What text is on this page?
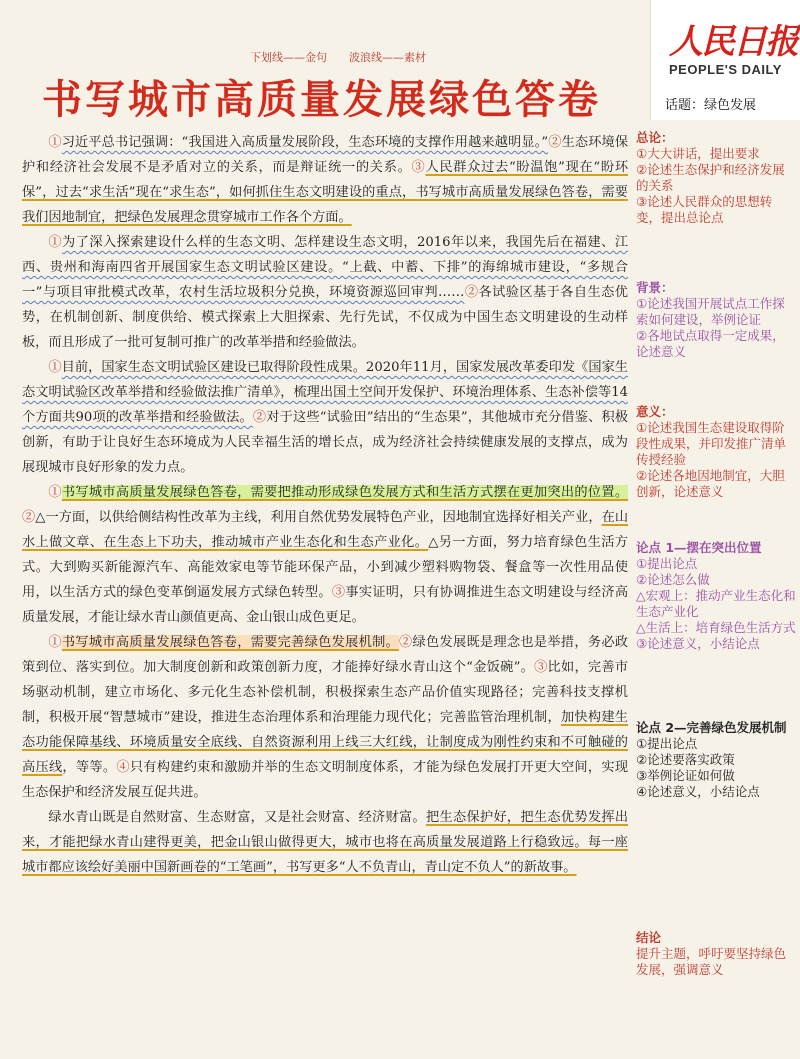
人民日报
PEOPLE'S DAILY
话题：绿色发展
下划线——金句 波浪线——素材
书写城市高质量发展绿色答卷

①习近平总书记强调：“我国进入高质量发展阶段，生态环境的支撑作用越来越明显。”②生态环境保护和经济社会发展不是矛盾对立的关系，而是辩证统一的关系。③人民群众过去“盼温饱”现在“盼环保”，过去“求生活”现在“求生态”，如何抓住生态文明建设的重点，书写城市高质量发展绿色答卷，需要我们因地制宜，把绿色发展理念贯穿城市工作各个方面。

①为了深入探索建设什么样的生态文明、怎样建设生态文明，2016年以来，我国先后在福建、江西、贵州和海南四省开展国家生态文明试验区建设。“上截、中蓄、下排”的海绵城市建设，“多规合一”与项目审批模式改革，农村生活垃圾积分兑换，环境资源巡回审判……②各试验区基于各自生态优势，在机制创新、制度供给、模式探索上大胆探索、先行先试，不仅成为中国生态文明建设的生动样板，而且形成了一批可复制可推广的改革举措和经验做法。

①目前，国家生态文明试验区建设已取得阶段性成果。2020年11月，国家发展改革委印发《国家生态文明试验区改革举措和经验做法推广清单》，梳理出国土空间开发保护、环境治理体系、生态补偿等14个方面共90项的改革举措和经验做法。②对于这些“试验田”结出的“生态果”，其他城市充分借鉴、积极创新，有助于让良好生态环境成为人民幸福生活的增长点，成为经济社会持续健康发展的支撑点，成为展现城市良好形象的发力点。

①书写城市高质量发展绿色答卷，需要把推动形成绿色发展方式和生活方式摆在更加突出的位置。②△一方面，以供给侧结构性改革为主线，利用自然优势发展特色产业，因地制宜选择好相关产业，在山水上做文章、在生态上下功夫，推动城市产业生态化和生态产业化。△另一方面，努力培育绿色生活方式。大到购买新能源汽车、高能效家电等节能环保产品，小到减少塑料购物袋、餐盒等一次性用品使用，以生活方式的绿色变革倒逼发展方式绿色转型。③事实证明，只有协调推进生态文明建设与经济高质量发展，才能让绿水青山颜值更高、金山银山成色更足。

①书写城市高质量发展绿色答卷，需要完善绿色发展机制。②绿色发展既是理念也是举措，务必政策到位、落实到位。加大制度创新和政策创新力度，才能捧好绿水青山这个“金饭碗”。③比如，完善市场驱动机制，建立市场化、多元化生态补偿机制，积极探索生态产品价值实现路径；完善科技支撑机制，积极开展“智慧城市”建设，推进生态治理体系和治理能力现代化；完善监管治理机制，加快构建生态功能保障基线、环境质量安全底线、自然资源利用上线三大红线，让制度成为刚性约束和不可触碰的高压线，等等。④只有构建约束和激励并举的生态文明制度体系，才能为绿色发展打开更大空间，实现生态保护和经济发展互促共进。

绿水青山既是自然财富、生态财富，又是社会财富、经济财富。把生态保护好，把生态优势发挥出来，才能把绿水青山建得更美，把金山银山做得更大，城市也将在高质量发展道路上行稳致远。每一座城市都应该绘好美丽中国新画卷的“工笔画”，书写更多“人不负青山，青山定不负人”的新故事。

总论：
①大大讲话，提出要求
②论述生态保护和经济发展的关系
③论述人民群众的思想转变，提出总论点
背景：
①论述我国开展试点工作探索如何建设，举例论证
②各地试点取得一定成果，论述意义
意义：
①论述我国生态建设取得阶段性成果，并印发推广清单传授经验
②论述各地因地制宜，大胆创新，论述意义
论点 1—摆在突出位置
①提出论点
②论述怎么做
△宏观上：推动产业生态化和生态产业化
△生活上：培育绿色生活方式
③论述意义，小结论点
论点 2—完善绿色发展机制
①提出论点
②论述要落实政策
③举例论证如何做
④论述意义，小结论点
结论
提升主题，呼吁要坚持绿色发展，强调意义
